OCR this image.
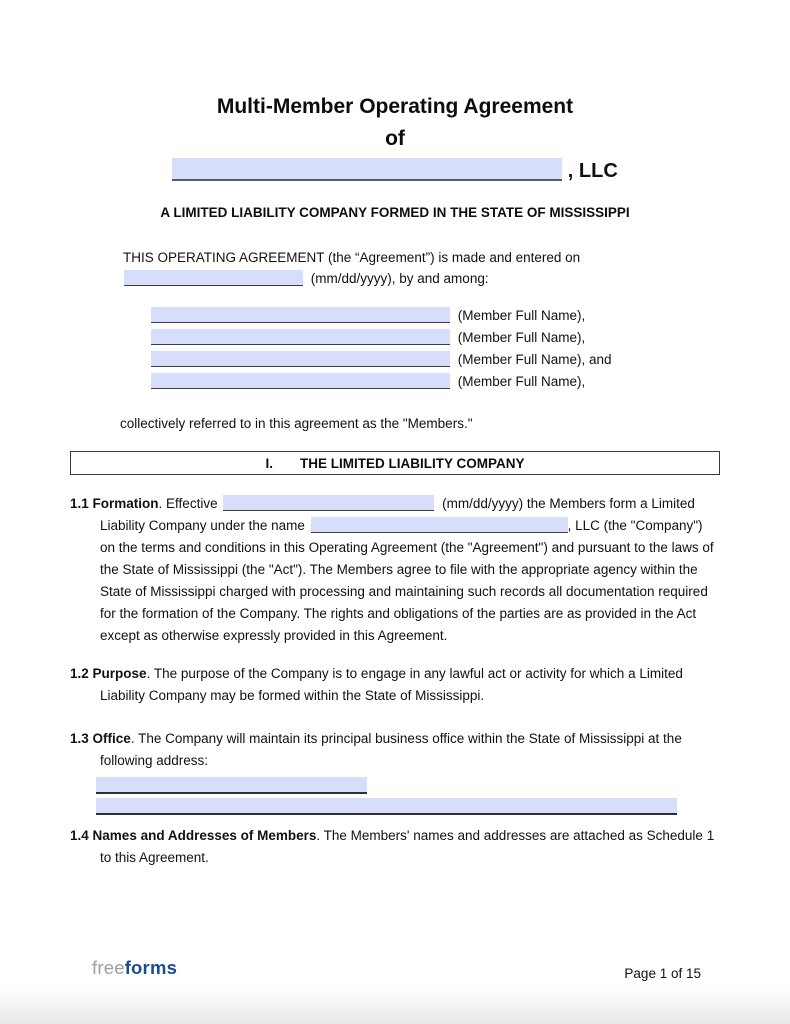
Multi-Member Operating Agreement
of
, LLC
A LIMITED LIABILITY COMPANY FORMED IN THE STATE OF MISSISSIPPI

THIS OPERATING AGREEMENT (the “Agreement”) is made and entered on  (mm/dd/yyyy), by and among:

(Member Full Name),
(Member Full Name),
(Member Full Name), and
(Member Full Name),

collectively referred to in this agreement as the "Members."

I. THE LIMITED LIABILITY COMPANY

1.1 Formation. Effective	(mm/dd/yyyy) the Members form a Limited Liability Company under the name	, LLC (the "Company") on the terms and conditions in this Operating Agreement (the "Agreement") and pursuant to the laws of the State of Mississippi (the "Act"). The Members agree to file with the appropriate agency within the State of Mississippi charged with processing and maintaining such records all documentation required for the formation of the Company. The rights and obligations of the parties are as provided in the Act except as otherwise expressly provided in this Agreement.

1.2 Purpose. The purpose of the Company is to engage in any lawful act or activity for which a Limited Liability Company may be formed within the State of Mississippi.

1.3 Office. The Company will maintain its principal business office within the State of Mississippi at the following address:

1.4 Names and Addresses of Members. The Members' names and addresses are attached as Schedule 1 to this Agreement.

freeforms	Page 1 of 15
